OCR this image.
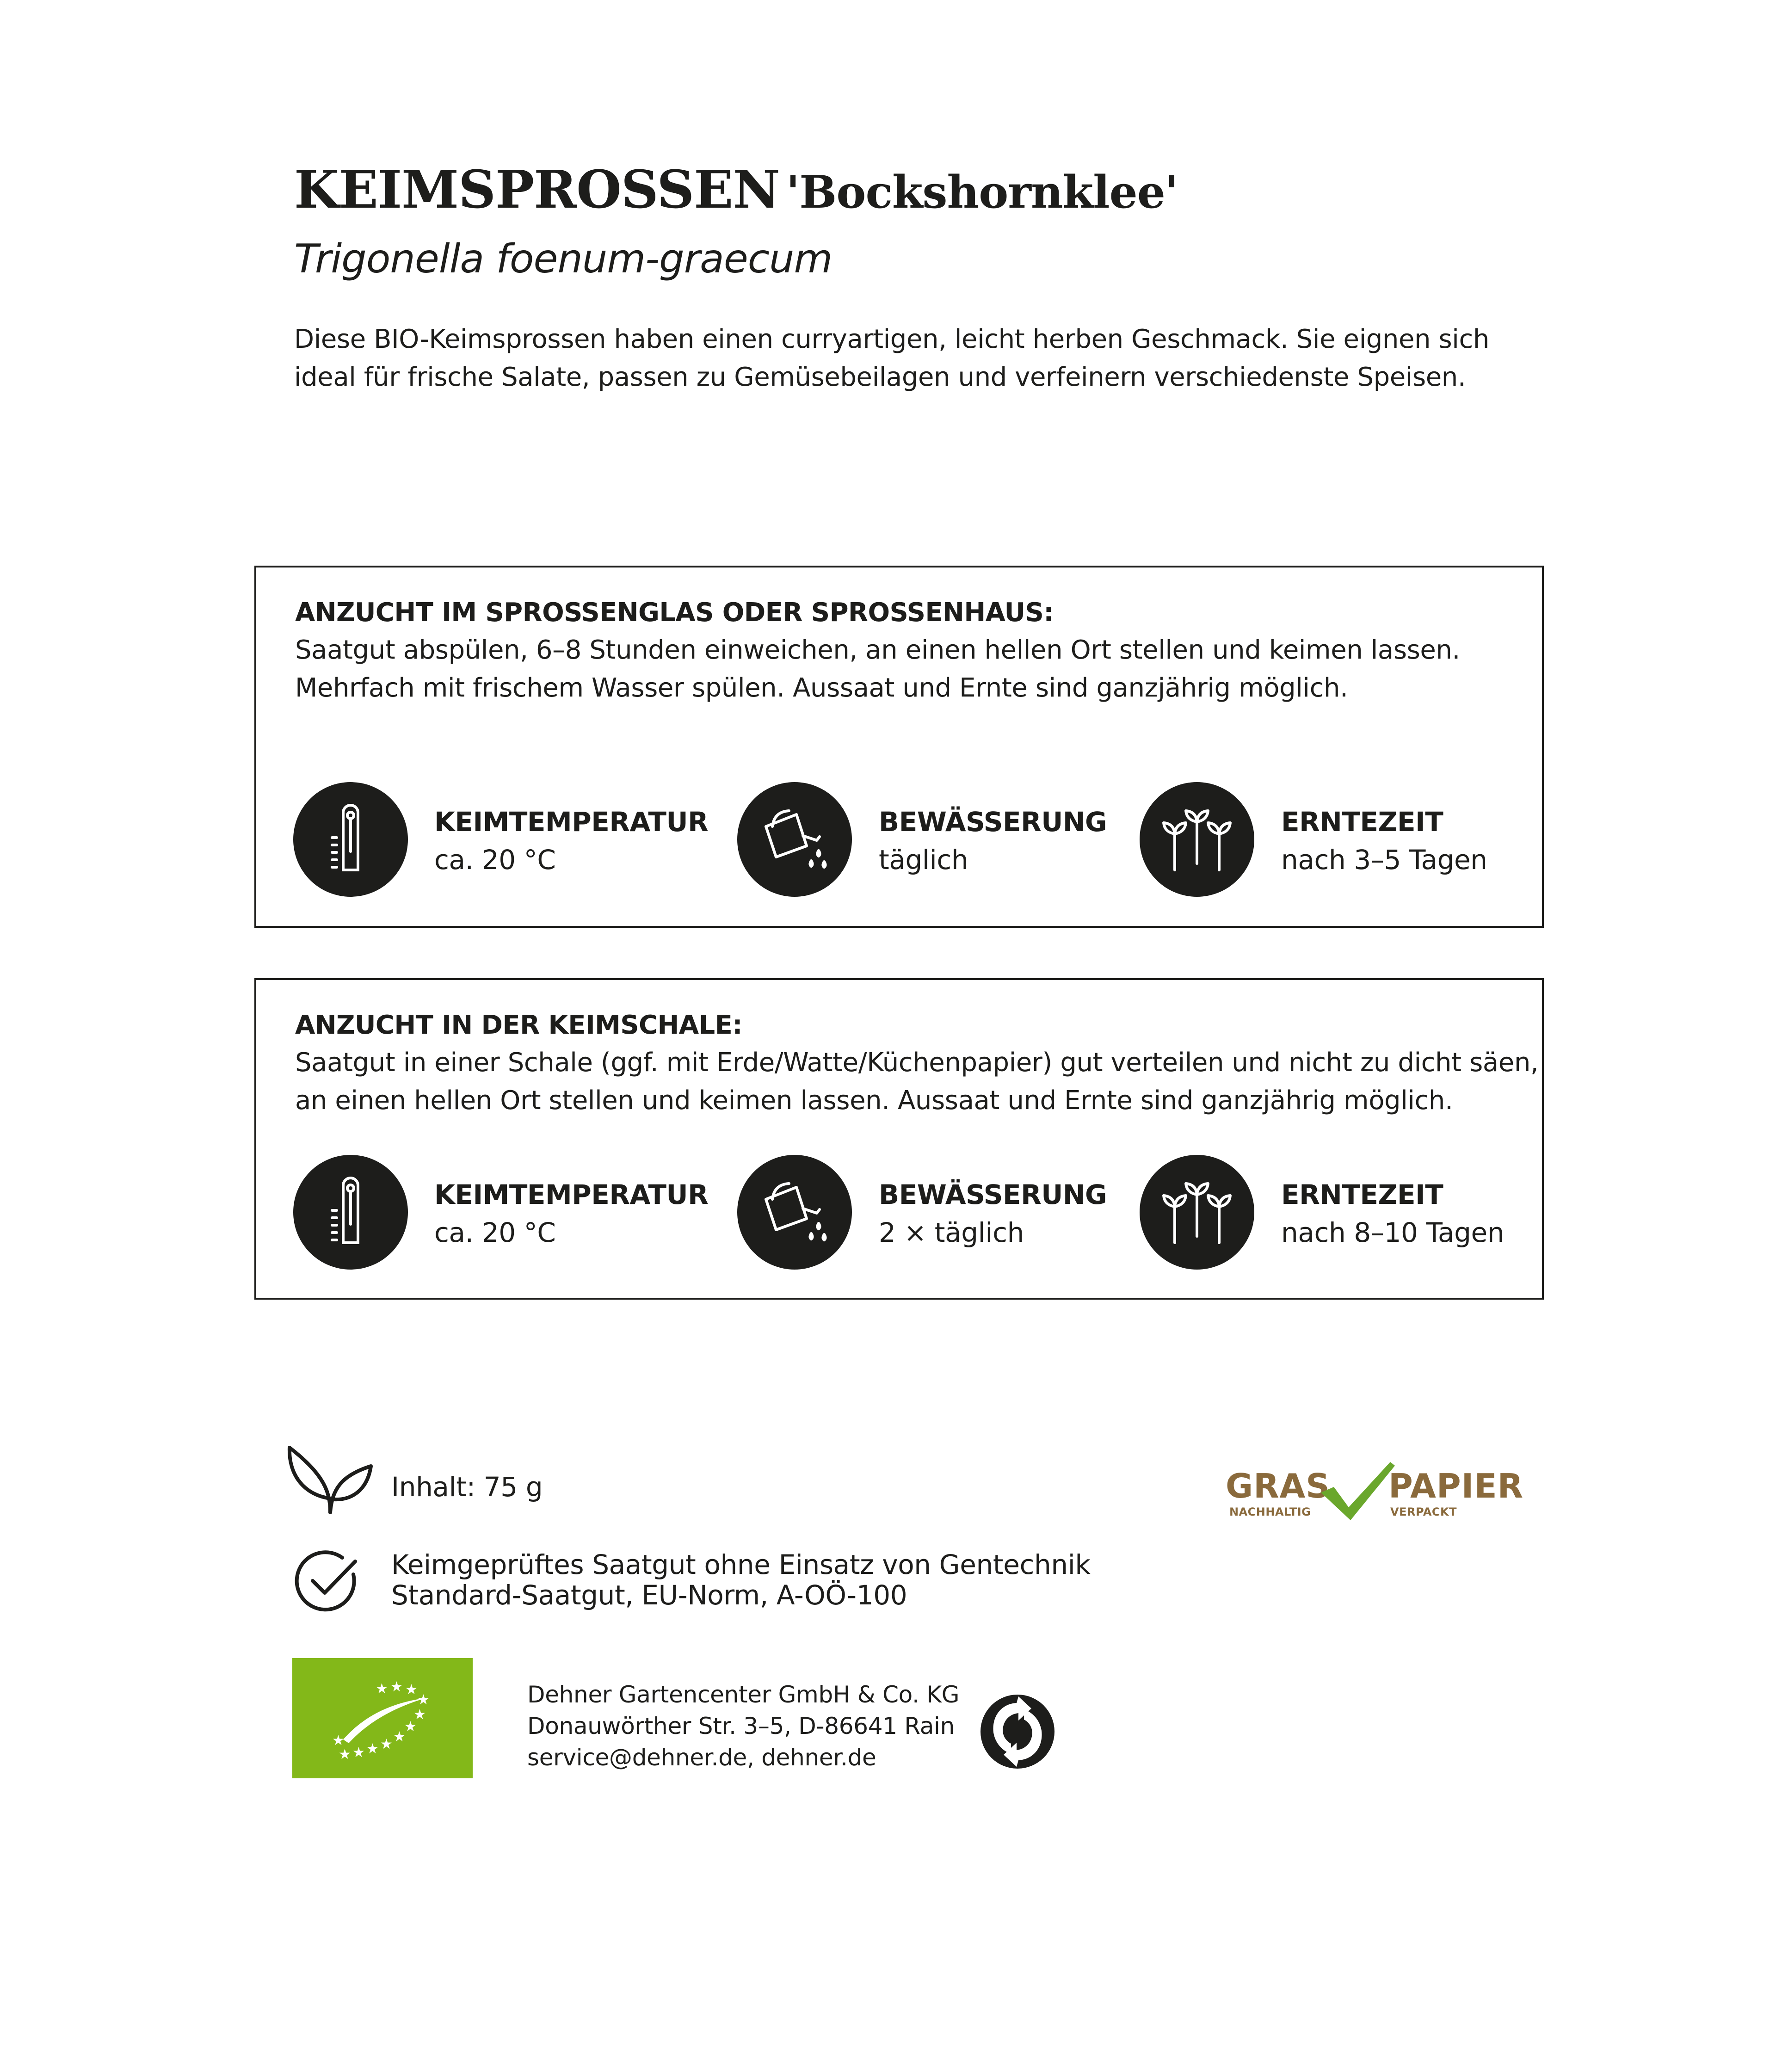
KEIMSPROSSEN 'Bockshornklee'
Trigonella foenum-graecum

Diese BIO-Keimsprossen haben einen curryartigen, leicht herben Geschmack. Sie eignen sich

ideal für frische Salate, passen zu Gemüsebeilagen und verfeinern verschiedenste Speisen.

ANZUCHT IM SPROSSENGLAS ODER SPROSSENHAUS:

Saatgut abspülen, 6–8 Stunden einweichen, an einen hellen Ort stellen und keimen lassen.

Mehrfach mit frischem Wasser spülen. Aussaat und Ernte sind ganzjährig möglich.

KEIMTEMPERATUR
ca. 20 °C
BEWÄSSERUNG
täglich
ERNTEZEIT
nach 3–5 Tagen
ANZUCHT IN DER KEIMSCHALE:

Saatgut in einer Schale (ggf. mit Erde/Watte/Küchenpapier) gut verteilen und nicht zu dicht säen,

an einen hellen Ort stellen und keimen lassen. Aussaat und Ernte sind ganzjährig möglich.

KEIMTEMPERATUR
ca. 20 °C
BEWÄSSERUNG
2 × täglich
ERNTEZEIT
nach 8–10 Tagen
Inhalt: 75 g
Keimgeprüftes Saatgut ohne Einsatz von Gentechnik
Standard-Saatgut, EU-Norm, A-OÖ-100
GRAS PAPIER
NACHHALTIG	VERPACKT
★
★ ★ ★ ★ ★
★
★
★
★
★
★	Dehner Gartencenter GmbH & Co. KG

Donauwörther Str. 3–5, D-86641 Rain

service@dehner.de, dehner.de
